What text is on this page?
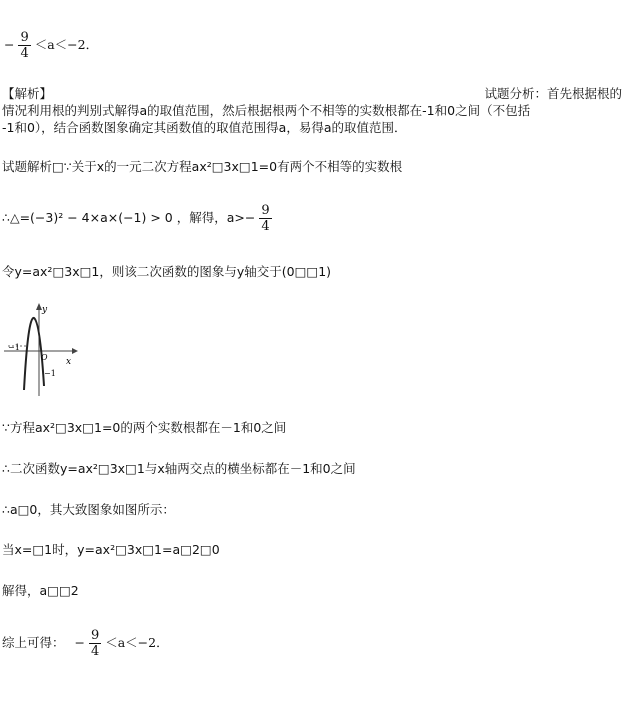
− $\frac{9}{4} <a<-2$．
【解析】	试题分析：首先根据根的
情况利用根的判别式解得a的取值范围，然后根据根两个不相等的实数根都在-1和0之间（不包括
-1和0），结合函数图象确定其函数值的取值范围得a，易得a的取值范围．
试题解析□∵关于x的一元二次方程ax²□3x□1=0有两个不相等的实数根
∴△=(−3)² − 4×a×(−1) > 0 ，解得，$a>- \frac{9}{4}$
令y=ax²□3x□1，则该二次函数的图象与y轴交于(0□□1)
y
x
−1
O
−1
∵方程ax²□3x□1=0的两个实数根都在－1和0之间
∴二次函数y=ax²□3x□1与x轴两交点的横坐标都在－1和0之间
∴a□0，其大致图象如图所示：
当x=□1时，y=ax²□3x□1=a□2□0
解得，a□□2
综上可得： − $\frac{9}{4} <a<-2$．
